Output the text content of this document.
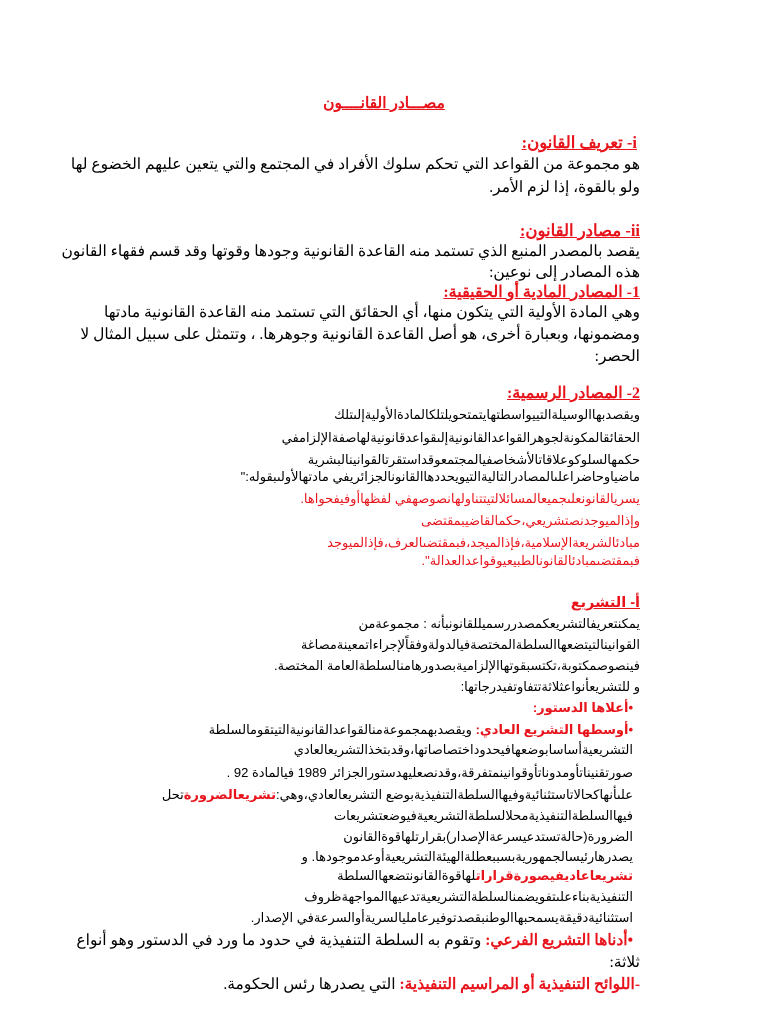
مصـــادر القانــــون
i- تعريف القانون:
هو مجموعة من القواعد التي تحكم سلوك الأفراد في المجتمع والتي يتعين عليهم الخضوع لها
ولو بالقوة، إذا لزم الأمر.
ii- مصادر القانون:
يقصد بالمصدر المنبع الذي تستمد منه القاعدة القانونية وجودها وقوتها وقد قسم فقهاء القانون
هذه المصادر إلى نوعين:
1- المصادر المادية أو الحقيقية:
وهي المادة الأولية التي يتكون منها، أي الحقائق التي تستمد منه القاعدة القانونية مادتها
ومضمونها، وبعبارة أخرى، هو أصل القاعدة القانونية وجوهرها. ، وتتمثل على سبيل المثال لا
الحصر:
2- المصادر الرسمية:
ويقصدبهاالوسيلةالتييواسطتهايتمتحويلتلكالمادةالأوليةإلىتلك
الحقائقالمكونةلجوهرالقواعدالقانونيةإلىقواعدقانونيةلهاصفةالإلزامفي
حكمهالسلوكوعلاقاتالأشخاصفيالمجتمعوقداستقرتالقوانينالبشرية
ماضياوحاضراعلىالمصادرالتاليةالتيويحددهاالقانونالجزائريفي مادتهالأولىبقوله:"
يسريالقانونعلىجميعالمسائلالتيتتناولهانصوصهفي لفظهاأوفيفحواها.
وإذالميوجدنصتشريعي،حكمالقاضيبمقتضى
مبادئالشريعةالإسلامية،فإذالميجد،فبمقتضىالعرف،فإذالميوجد
فبمقتضىمبادئالقانونالطبيعيوقواعدالعدالة".
أ- التشريع
يمكنتعريفالتشريعكمصدررسميللقانونبأنه : مجموعةمن
القوانينالتيتضعهاالسلطةالمختصةفيالدولةوفقاًلإجراءاتمعينةمصاغة
فينصوصمكتوبة،تكتسبقوتهاالإلزاميةبصدورهامنالسلطةالعامة المختصة.
و للتشريعأنواعثلاثةتتفاوتفيدرجاتها:
•أعلاها الدستور:
•أوسطها التشريع العادي: ويقصدبهمجموعةمنالقواعدالقانونيةالتيتقومالسلطة
التشريعيةأساسابوضعهافيحدوداختصاصاتها،وقدبتخذالتشريعالعادي
صورتقنيناتأومدوناتأوقوانينمتفرقة،وقدنصعليهدستورالجزائر 1989 فيالمادة 92 .
علىأنهاكحالاتاستثنائيةوفيهاالسلطةالتنفيذيةبوضع التشريعالعادي،وهي:تشريعالضرورةتحل
فيهاالسلطةالتنفيذيةمحلالسلطةالتشريعيةفيوضعتشريعات
الضرورة(حالةتستدعيسرعةالإصدار)بقرارتلهاقوةالقانون
يصدرهارئيسالجمهوريةبسببعطلةالهيئةالتشريعيةأوعدموجودها. و
تشريعاعاديفيصورةقراراتلهاقوةالقانونتضعهاالسلطة
التنفيذيةبناءعلىتفويضمنالسلطةالتشريعيةتدعيهاالمواجهةظروف
استثنائيةدقيقةيسمحبهاالوطنبقصدتوفيرعامليالسريةأوالسرعةفي الإصدار.
•أدناها التشريع الفرعي: وتقوم به السلطة التنفيذية في حدود ما ورد في الدستور وهو أنواع
ثلاثة:
-اللوائح التنفيذية أو المراسيم التنفيذية: التي يصدرها رئس الحكومة.
